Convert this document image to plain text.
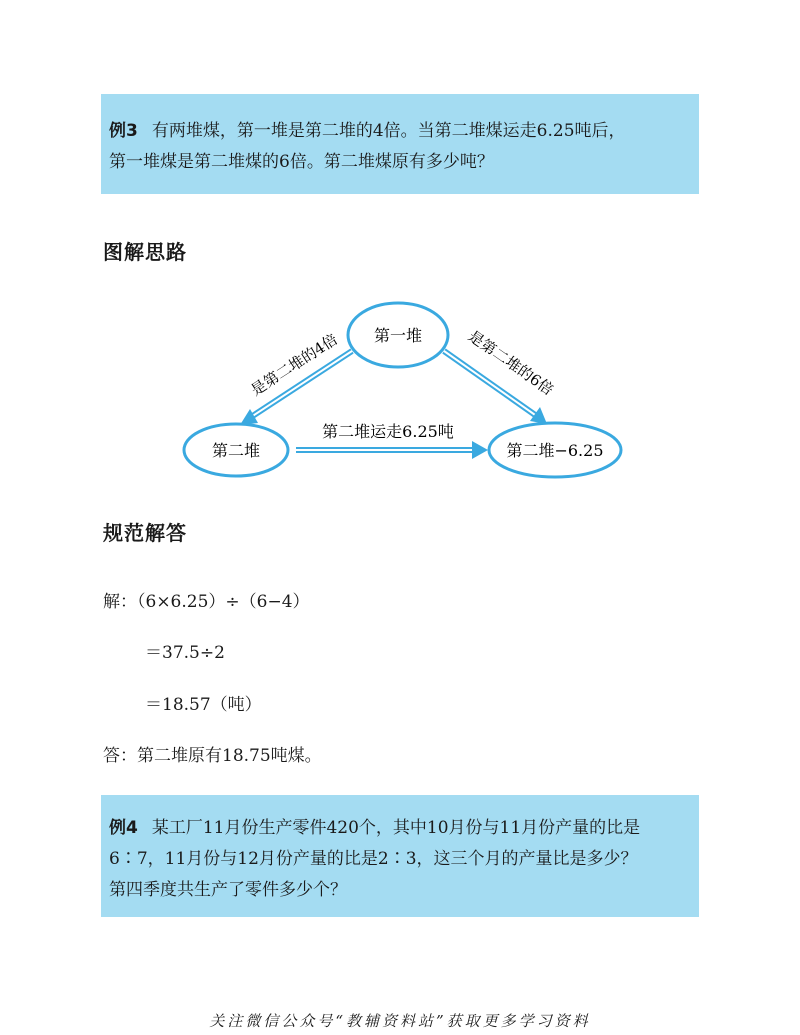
例3 有两堆煤，第一堆是第二堆的4倍。当第二堆煤运走6.25吨后，

第一堆煤是第二堆煤的6倍。第二堆煤原有多少吨？

图解思路
第一堆
第二堆	第二堆−6.25
是第二堆的4倍	是第二堆的6倍
第二堆运走6.25吨
规范解答

解：（6×6.25）÷（6−4）

＝37.5÷2

＝18.57（吨）

答：第二堆原有18.75吨煤。

例4 某工厂11月份生产零件420个，其中10月份与11月份产量的比是

6∶7，11月份与12月份产量的比是2∶3，这三个月的产量比是多少？

第四季度共生产了零件多少个？

关注微信公众号“教辅资料站”获取更多学习资料
